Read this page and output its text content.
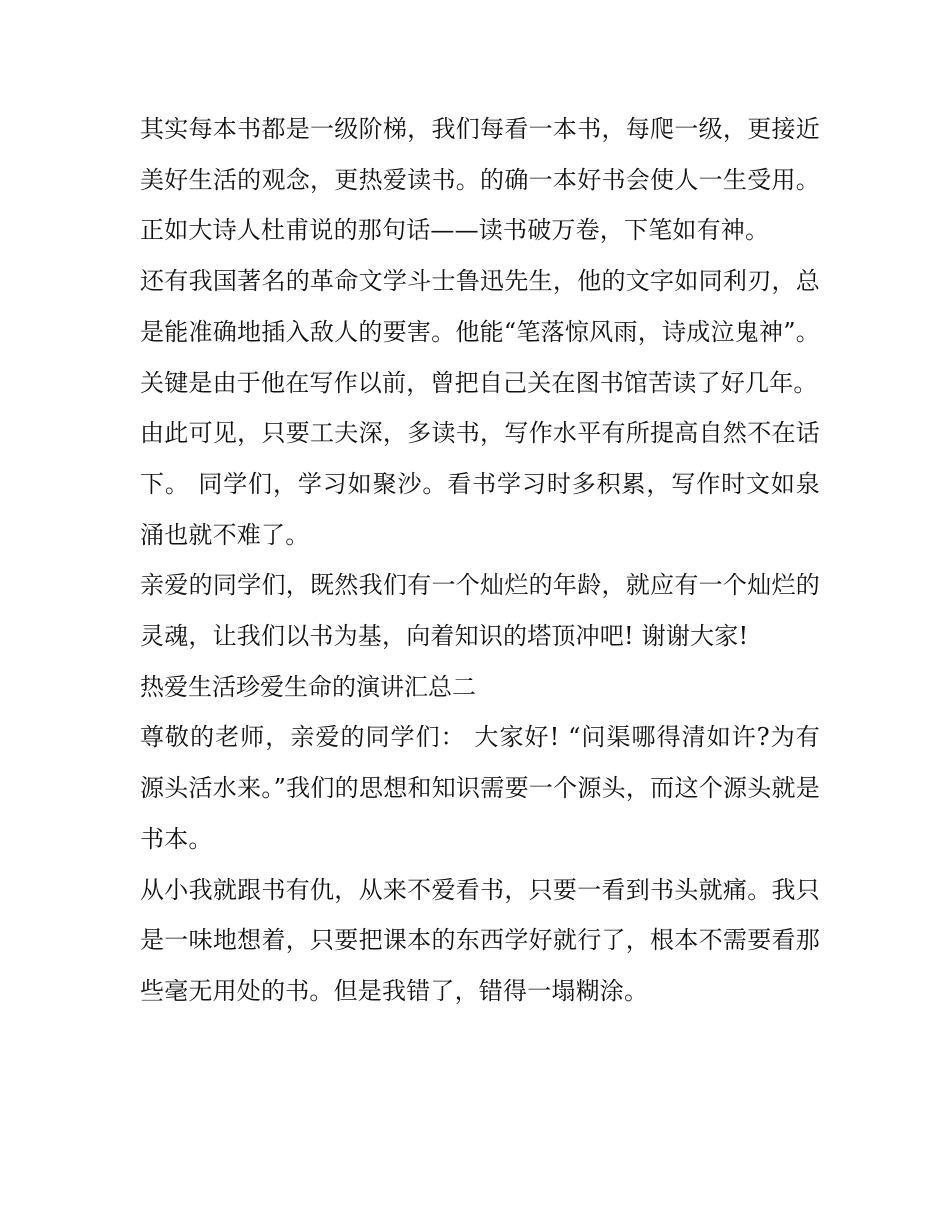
其实每本书都是一级阶梯，我们每看一本书，每爬一级，更接近美好生活的观念，更热爱读书。的确一本好书会使人一生受用。正如大诗人杜甫说的那句话——读书破万卷，下笔如有神。

还有我国著名的革命文学斗士鲁迅先生，他的文字如同利刃，总是能准确地插入敌人的要害。他能“笔落惊风雨，诗成泣鬼神”。关键是由于他在写作以前，曾把自己关在图书馆苦读了好几年。

由此可见，只要工夫深，多读书，写作水平有所提高自然不在话下。 同学们，学习如聚沙。看书学习时多积累，写作时文如泉涌也就不难了。

亲爱的同学们，既然我们有一个灿烂的年龄，就应有一个灿烂的灵魂，让我们以书为基，向着知识的塔顶冲吧! 谢谢大家!

热爱生活珍爱生命的演讲汇总二

尊敬的老师，亲爱的同学们： 大家好! “问渠哪得清如许?为有源头活水来。”我们的思想和知识需要一个源头，而这个源头就是书本。

从小我就跟书有仇，从来不爱看书，只要一看到书头就痛。我只是一味地想着，只要把课本的东西学好就行了，根本不需要看那些毫无用处的书。但是我错了，错得一塌糊涂。
